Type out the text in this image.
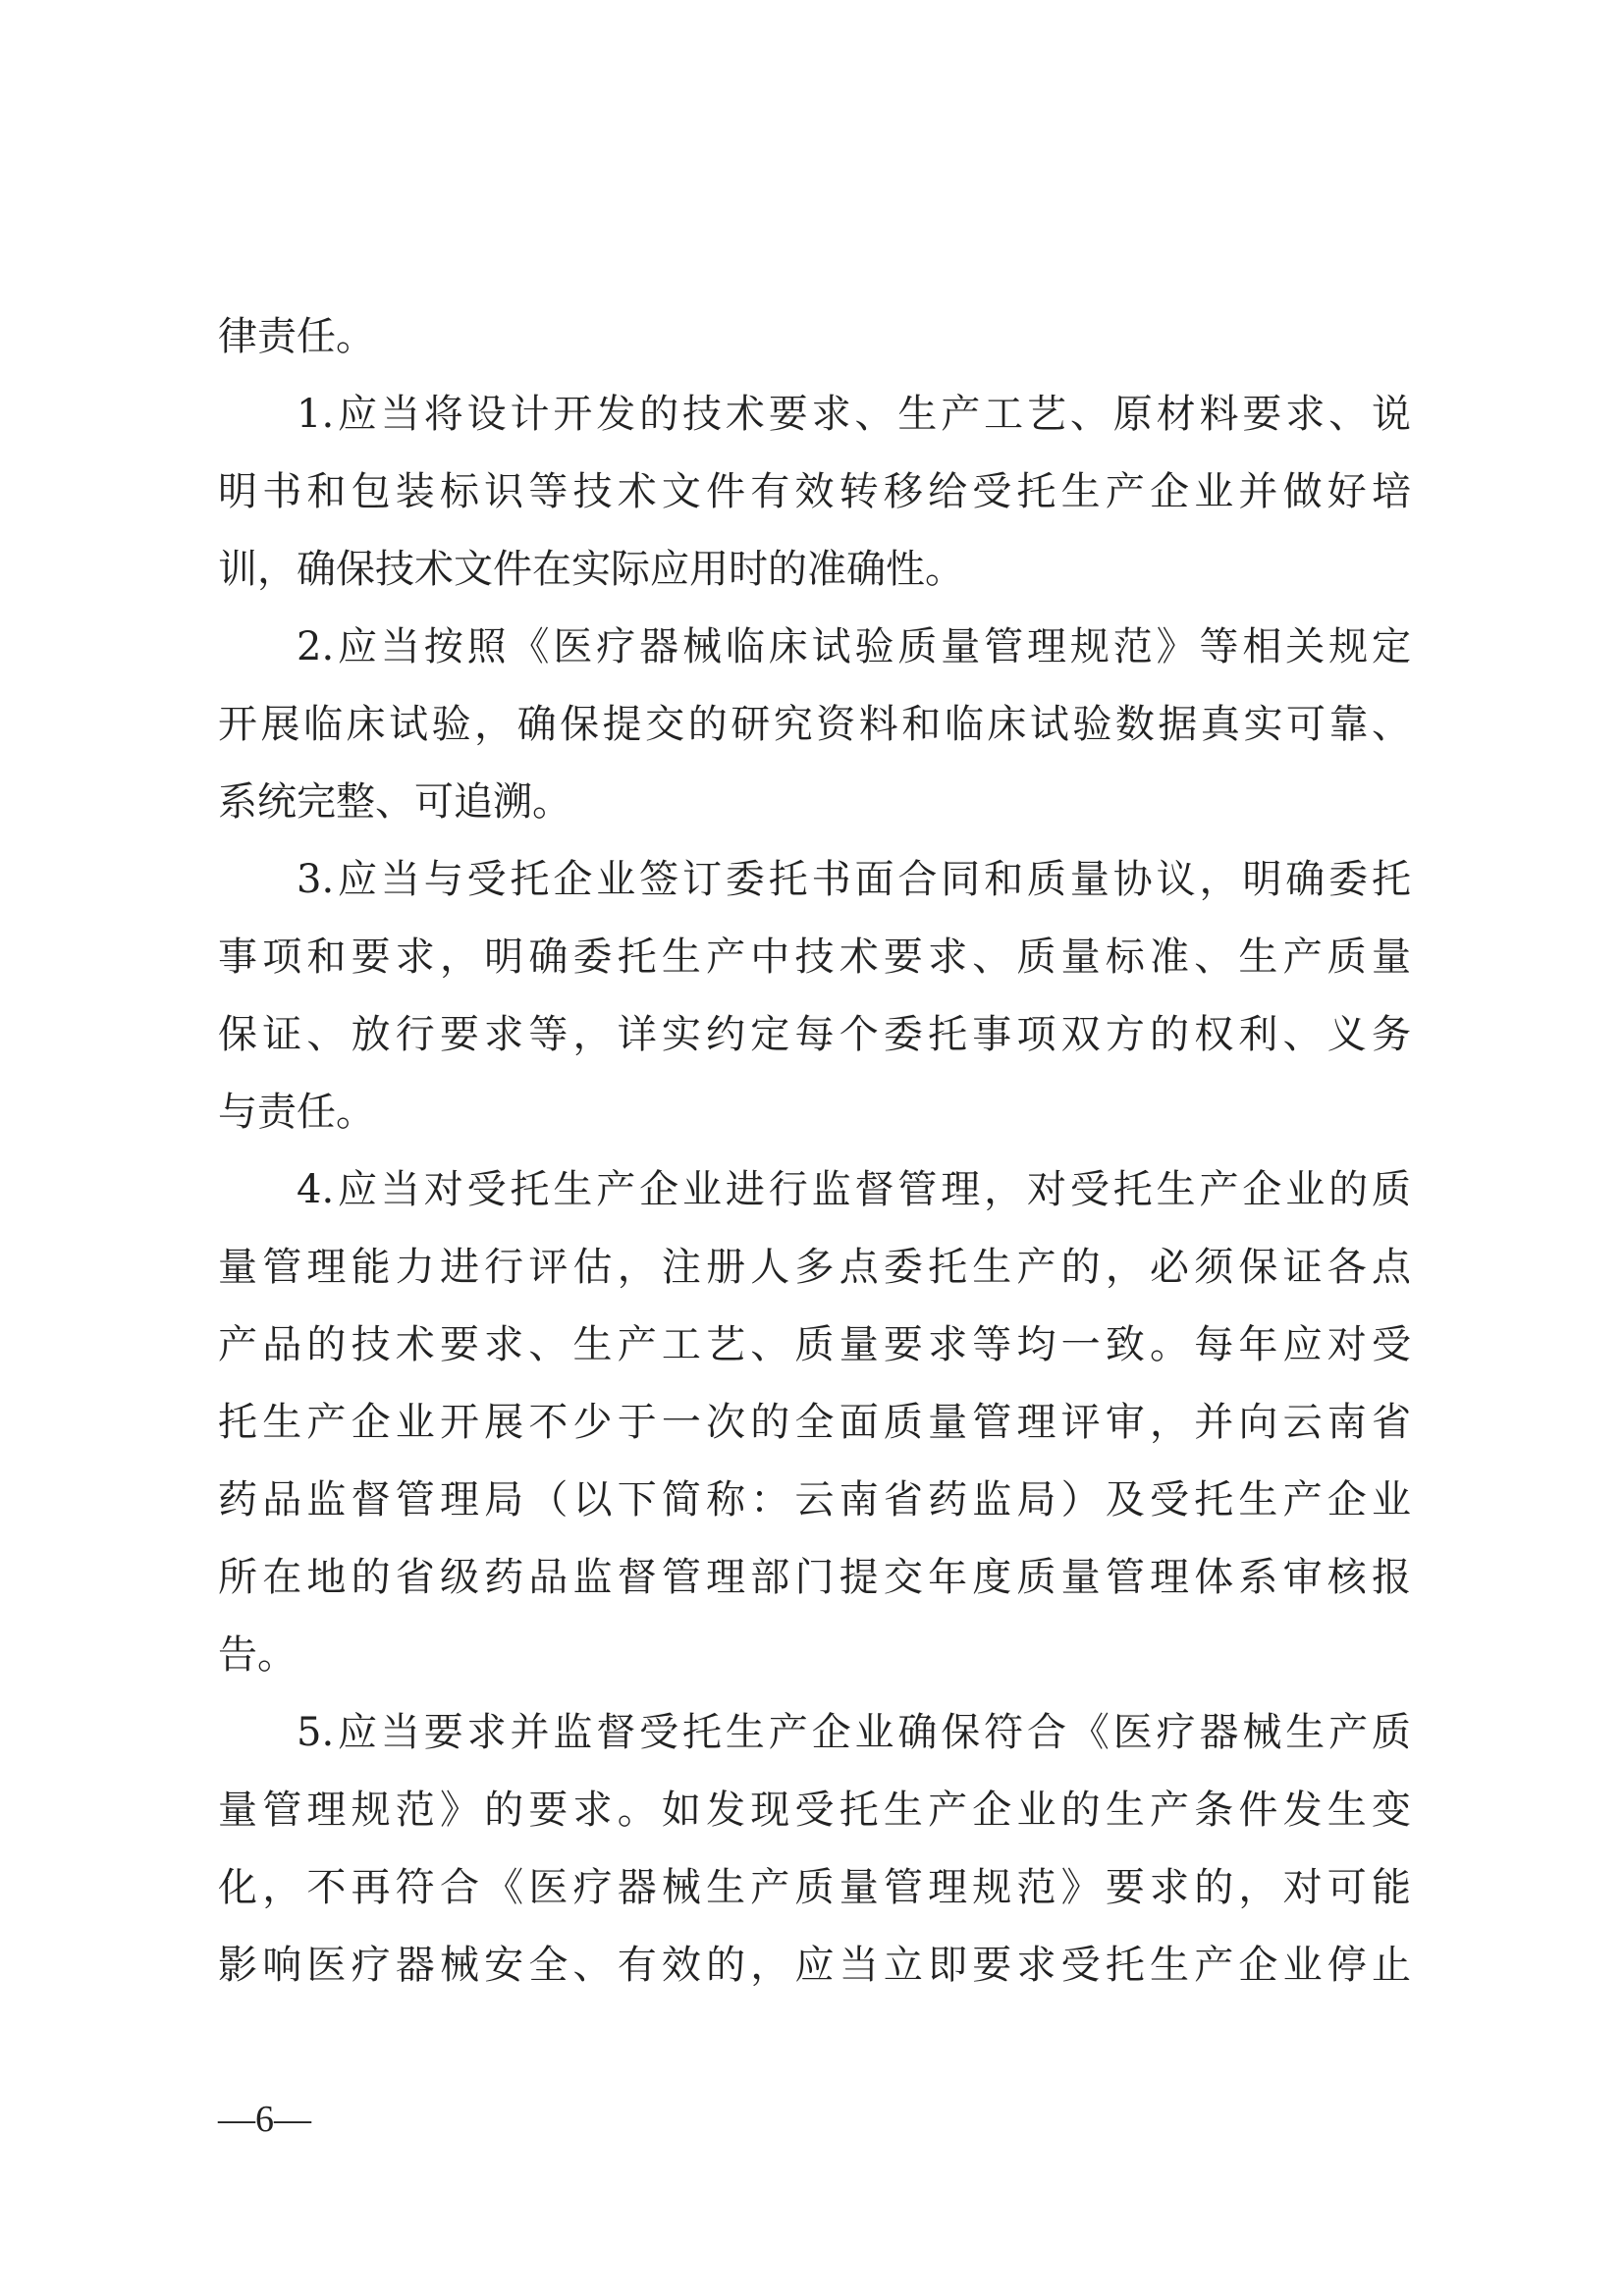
律责任。
1.应当将设计开发的技术要求、生产工艺、原材料要求、说
明书和包装标识等技术文件有效转移给受托生产企业并做好培
训，确保技术文件在实际应用时的准确性。
2.应当按照《医疗器械临床试验质量管理规范》等相关规定
开展临床试验，确保提交的研究资料和临床试验数据真实可靠、
系统完整、可追溯。
3.应当与受托企业签订委托书面合同和质量协议，明确委托
事项和要求，明确委托生产中技术要求、质量标准、生产质量
保证、放行要求等，详实约定每个委托事项双方的权利、义务
与责任。
4.应当对受托生产企业进行监督管理，对受托生产企业的质
量管理能力进行评估，注册人多点委托生产的，必须保证各点
产品的技术要求、生产工艺、质量要求等均一致。每年应对受
托生产企业开展不少于一次的全面质量管理评审，并向云南省
药品监督管理局（以下简称：云南省药监局）及受托生产企业
所在地的省级药品监督管理部门提交年度质量管理体系审核报
告。
5.应当要求并监督受托生产企业确保符合《医疗器械生产质
量管理规范》的要求。如发现受托生产企业的生产条件发生变
化，不再符合《医疗器械生产质量管理规范》要求的，对可能
影响医疗器械安全、有效的，应当立即要求受托生产企业停止
—6—
